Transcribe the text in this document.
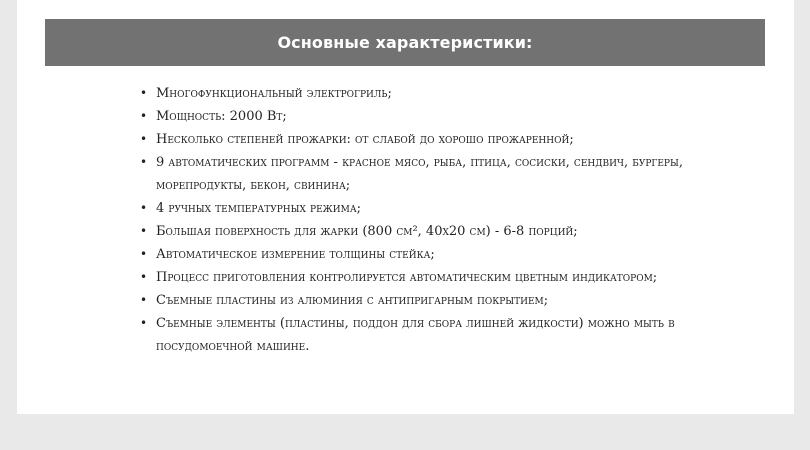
Основные характеристики:
• Многофункциональный электрогриль;
• Мощность: 2000 Вт;
• Несколько степеней прожарки: от слабой до хорошо прожаренной;
• 9 автоматических программ - красное мясо, рыба, птица, сосиски, сендвич, бургеры, морепродукты, бекон, свинина;
• 4 ручных температурных режима;
• Большая поверхность для жарки (800 см², 40х20 см) - 6-8 порций;
• Автоматическое измерение толщины стейка;
• Процесс приготовления контролируется автоматическим цветным индикатором;
• Съемные пластины из алюминия с антипригарным покрытием;
• Съемные элементы (пластины, поддон для сбора лишней жидкости) можно мыть в посудомоечной машине.
